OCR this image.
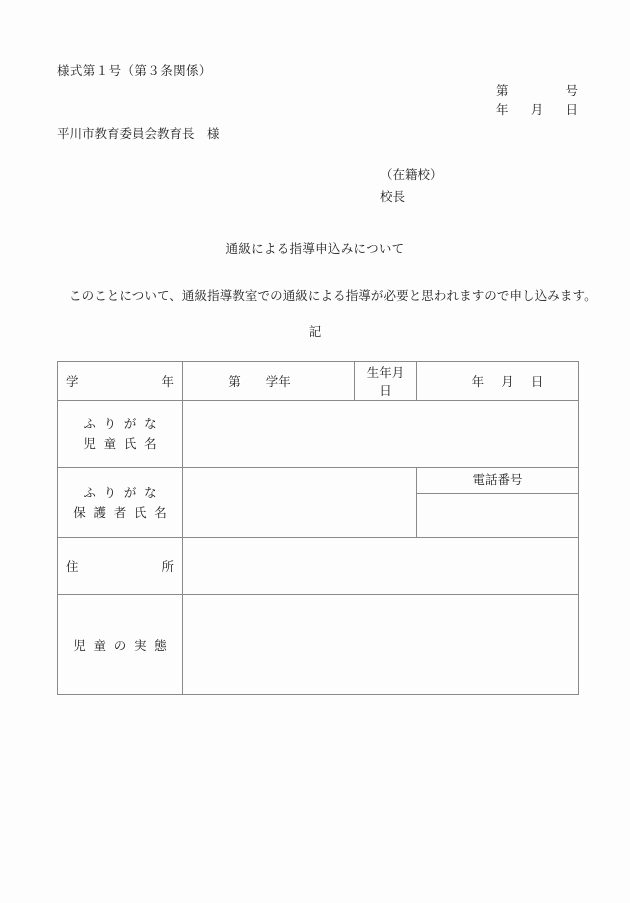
様式第１号（第３条関係）
第	号
年 月 日
平川市教育委員会教育長　様
（在籍校）
校長
通級による指導申込みについて
このことについて、通級指導教室での通級による指導が必要と思われますので申し込みます。
記
学 年	第　　学年	生年月日	年 月 日

ふりがな
児童氏名			

ふりがな
保護者氏名			電話番号

住 所			

児童の実態			
